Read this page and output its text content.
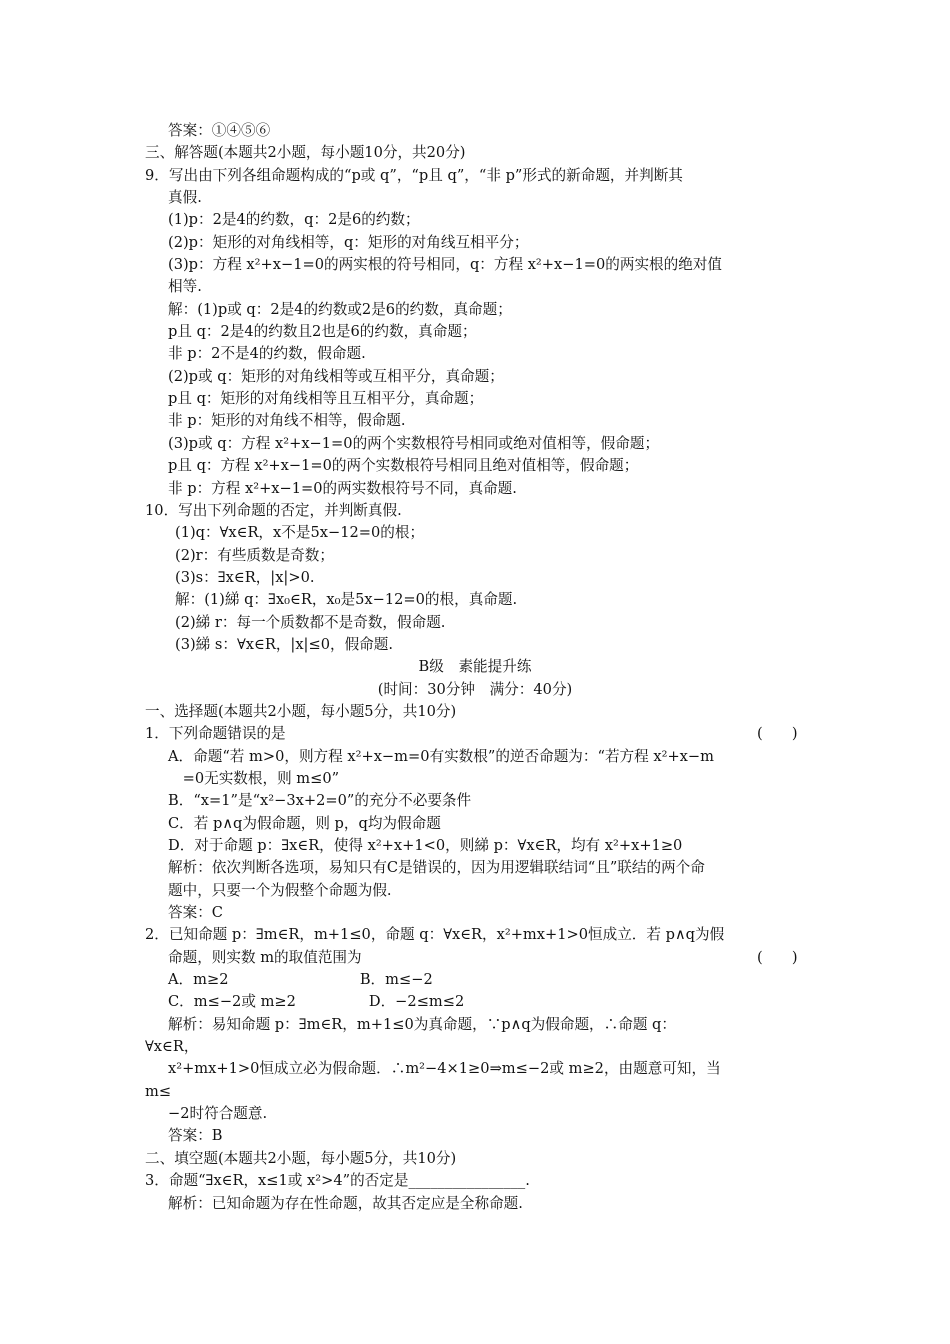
答案：①④⑤⑥
三、解答题(本题共2小题，每小题10分，共20分)
9．写出由下列各组命题构成的“p或 q”，“p且 q”，“非 p”形式的新命题，并判断其
真假.
(1)p：2是4的约数，q：2是6的约数；
(2)p：矩形的对角线相等，q：矩形的对角线互相平分；
(3)p：方程 x²+x−1=0的两实根的符号相同，q：方程 x²+x−1=0的两实根的绝对值
相等.
解：(1)p或 q：2是4的约数或2是6的约数，真命题；
p且 q：2是4的约数且2也是6的约数，真命题；
非 p：2不是4的约数，假命题.
(2)p或 q：矩形的对角线相等或互相平分，真命题；
p且 q：矩形的对角线相等且互相平分，真命题；
非 p：矩形的对角线不相等，假命题.
(3)p或 q：方程 x²+x−1=0的两个实数根符号相同或绝对值相等，假命题；
p且 q：方程 x²+x−1=0的两个实数根符号相同且绝对值相等，假命题；
非 p：方程 x²+x−1=0的两实数根符号不同，真命题.
10．写出下列命题的否定，并判断真假.
(1)q：∀x∈R，x不是5x−12=0的根；
(2)r：有些质数是奇数；
(3)s：∃x∈R，|x|>0.
解：(1)綈 q：∃x₀∈R，x₀是5x−12=0的根，真命题.
(2)綈 r：每一个质数都不是奇数，假命题.
(3)綈 s：∀x∈R，|x|≤0，假命题.
B级　素能提升练
(时间：30分钟　满分：40分)
一、选择题(本题共2小题，每小题5分，共10分)
1．下列命题错误的是	(　　)
A．命题“若 m>0，则方程 x²+x−m=0有实数根”的逆否命题为：“若方程 x²+x−m
　=0无实数根，则 m≤0”
B．“x=1”是“x²−3x+2=0”的充分不必要条件
C．若 p∧q为假命题，则 p，q均为假命题
D．对于命题 p：∃x∈R，使得 x²+x+1<0，则綈 p：∀x∈R，均有 x²+x+1≥0
解析：依次判断各选项，易知只有C是错误的，因为用逻辑联结词“且”联结的两个命
题中，只要一个为假整个命题为假.
答案：C
2．已知命题 p：∃m∈R，m+1≤0，命题 q：∀x∈R，x²+mx+1>0恒成立．若 p∧q为假
命题，则实数 m的取值范围为	(　　)
A．m≥2　　　　　　　　　B．m≤−2
C．m≤−2或 m≥2　　　　　D．−2≤m≤2
解析：易知命题 p：∃m∈R，m+1≤0为真命题，∵p∧q为假命题，∴命题 q：
∀x∈R，
x²+mx+1>0恒成立必为假命题．∴m²−4×1≥0⇒m≤−2或 m≥2，由题意可知，当
m≤
−2时符合题意.
答案：B
二、填空题(本题共2小题，每小题5分，共10分)
3．命题“∃x∈R，x≤1或 x²>4”的否定是________________.
解析：已知命题为存在性命题，故其否定应是全称命题.
